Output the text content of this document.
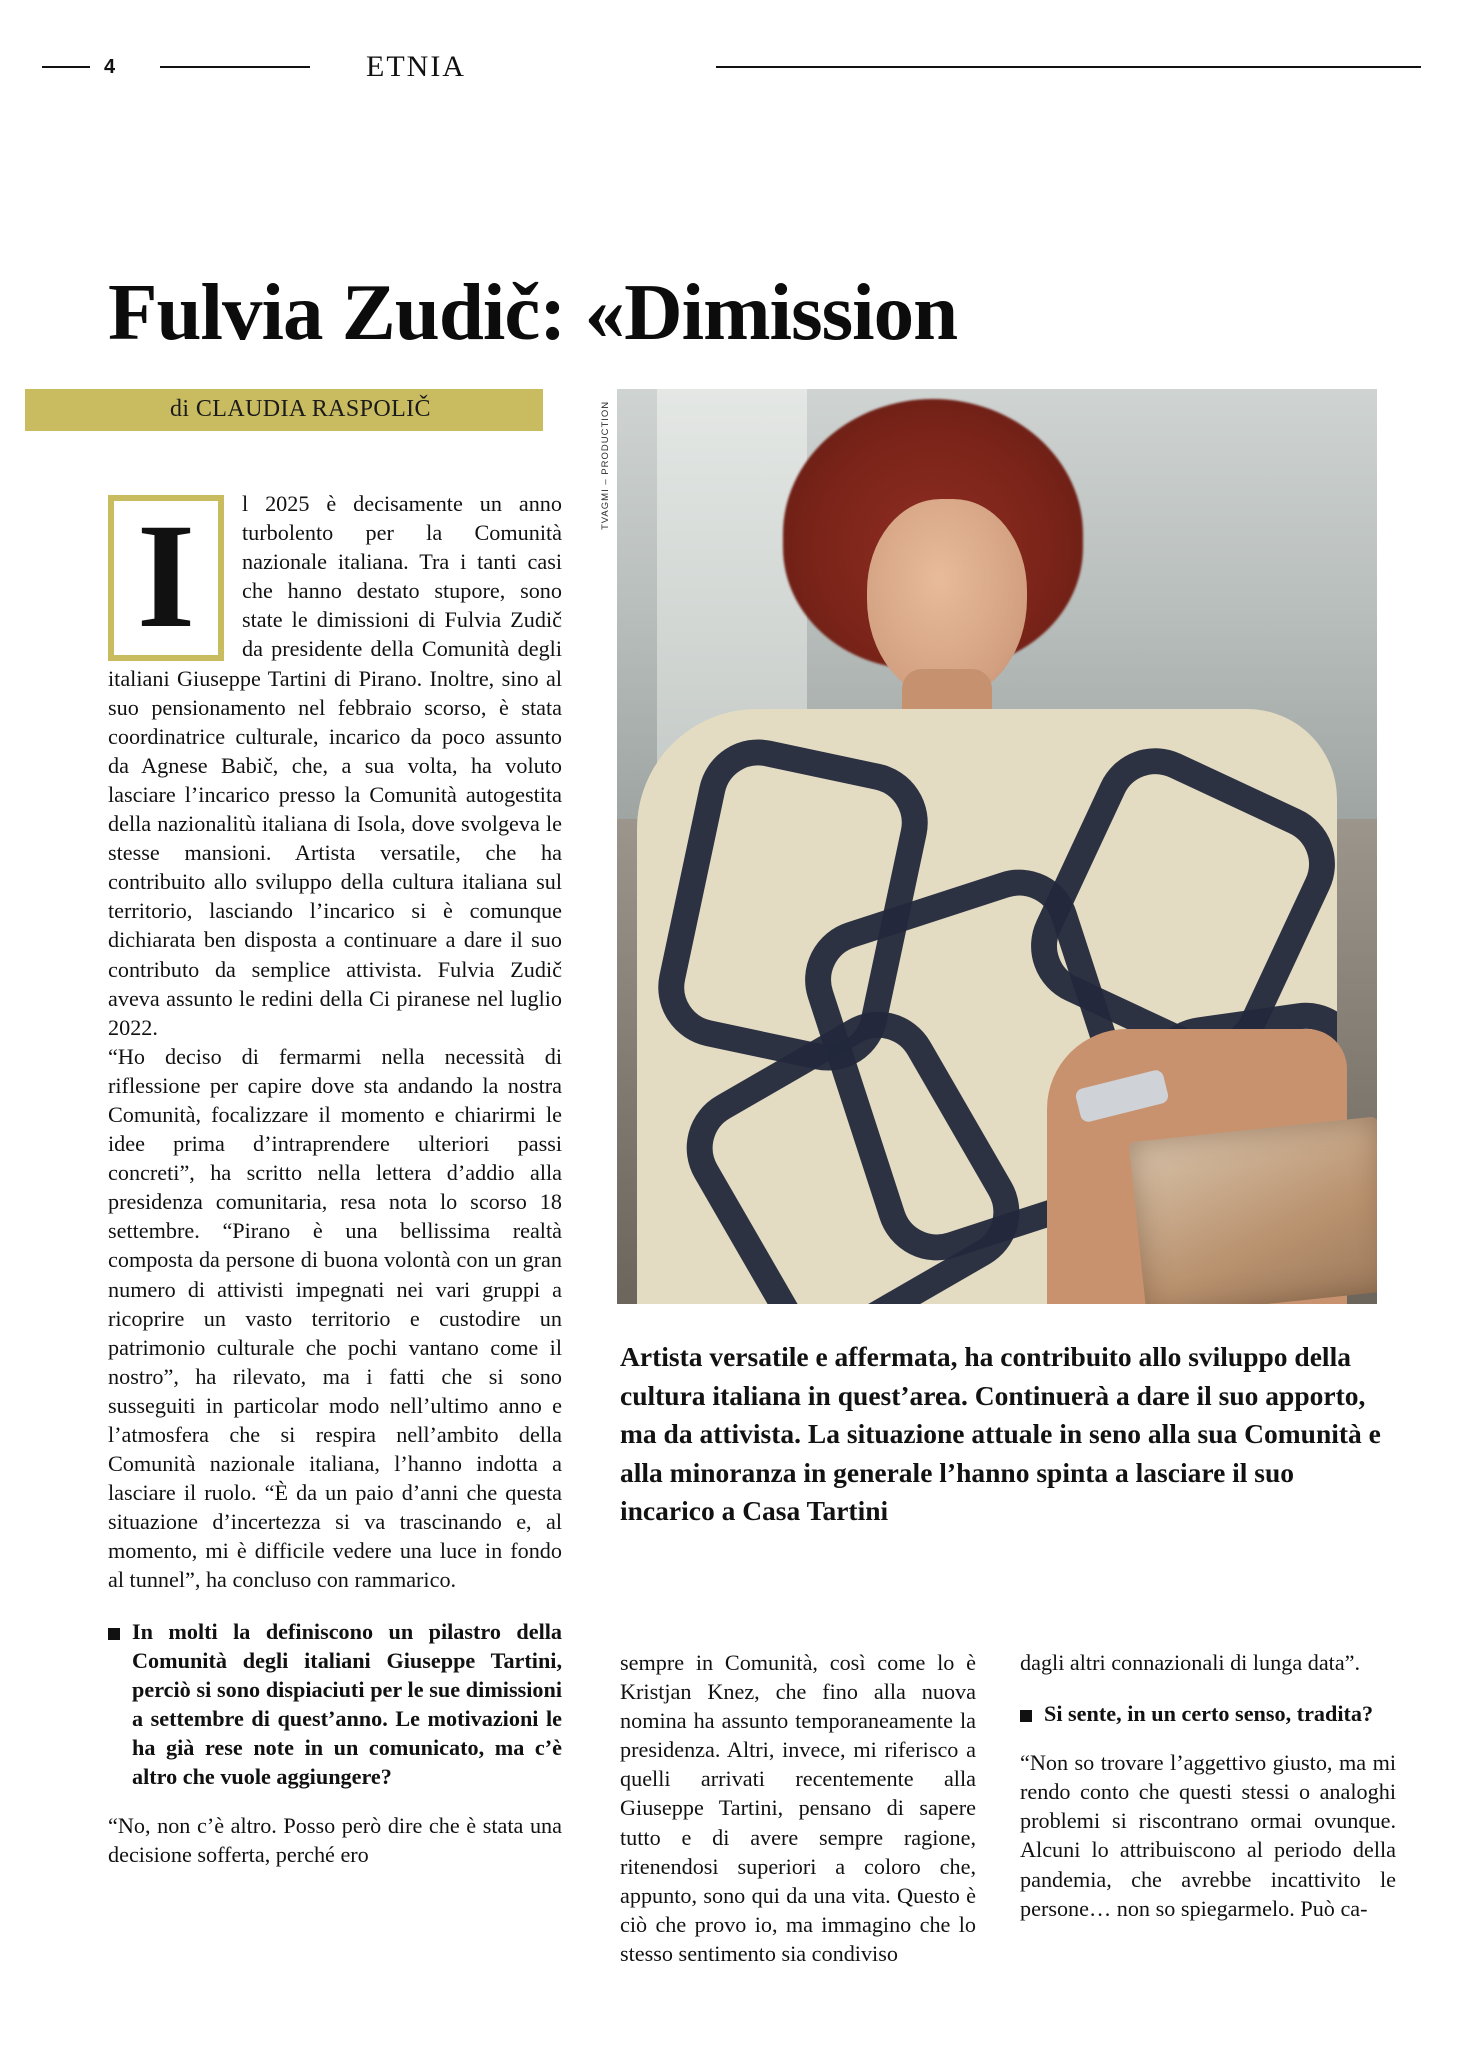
4	ETNIA
Fulvia Zudič: «Dimission
di CLAUDIA RASPOLIČ	TVAGMI – PRODUCTION
I	l 2025 è decisamente un anno turbolento per la Comunità nazionale italiana. Tra i tanti casi che hanno destato stupore, sono state le dimissioni di Fulvia Zudič da presidente della Comunità degli italiani Giuseppe Tartini di Pirano. Inoltre, sino al suo pensionamento nel febbraio scorso, è stata coordinatrice culturale, incarico da poco assunto da Agnese Babič, che, a sua volta, ha voluto lasciare l’incarico presso la Comunità autogestita della nazionalitù italiana di Isola, dove svolgeva le stesse mansioni. Artista versatile, che ha contribuito allo sviluppo della cultura italiana sul territorio, lasciando l’incarico si è comunque dichiarata ben disposta a continuare a dare il suo contributo da semplice attivista. Fulvia Zudič aveva assunto le redini della Ci piranese nel luglio 2022.

“Ho deciso di fermarmi nella necessità di riflessione per capire dove sta andando la nostra Comunità, focalizzare il momento e chiarirmi le idee prima d’intraprendere ulteriori passi concreti”, ha scritto nella lettera d’addio alla presidenza comunitaria, resa nota lo scorso 18 settembre. “Pirano è una bellissima realtà composta da persone di buona volontà con un gran numero di attivisti impegnati nei vari gruppi a ricoprire un vasto territorio e custodire un patrimonio culturale che pochi vantano come il nostro”, ha rilevato, ma i fatti che si sono susseguiti in particolar modo nell’ultimo anno e l’atmosfera che si respira nell’ambito della Comunità nazionale italiana, l’hanno indotta a lasciare il ruolo. “È da un paio d’anni che questa situazione d’incertezza si va trascinando e, al momento, mi è difficile vedere una luce in fondo al tunnel”, ha concluso con rammarico.

In molti la definiscono un pilastro della Comunità degli italiani Giuseppe Tartini, perciò si sono dispiaciuti per le sue dimissioni a settembre di quest’anno. Le motivazioni le ha già rese note in un comunicato, ma c’è altro che vuole aggiungere?

“No, non c’è altro. Posso però dire che è stata una decisione sofferta, perché ero

Artista versatile e affermata, ha contribuito allo sviluppo della cultura italiana in quest’area. Continuerà a dare il suo apporto, ma da attivista. La situazione attuale in seno alla sua Comunità e alla minoranza in generale l’hanno spinta a lasciare il suo incarico a Casa Tartini

sempre in Comunità, così come lo è Kristjan Knez, che fino alla nuova nomina ha assunto temporaneamente la presidenza. Altri, invece, mi riferisco a quelli arrivati recentemente alla Giuseppe Tartini, pensano di sapere tutto e di avere sempre ragione, ritenendosi superiori a coloro che, appunto, sono qui da una vita. Questo è ciò che provo io, ma immagino che lo stesso sentimento sia condiviso

dagli altri connazionali di lunga data”.

Si sente, in un certo senso, tradita?

“Non so trovare l’aggettivo giusto, ma mi rendo conto che questi stessi o analoghi problemi si riscontrano ormai ovunque. Alcuni lo attribuiscono al periodo della pandemia, che avrebbe incattivito le persone… non so spiegarmelo. Può ca-
